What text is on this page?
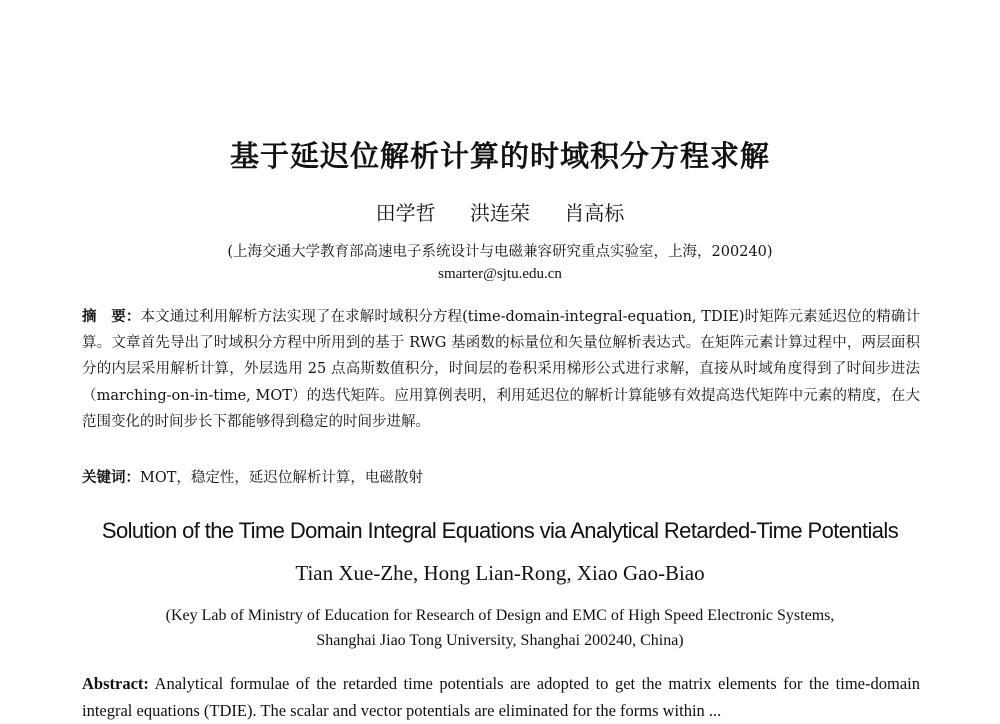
基于延迟位解析计算的时域积分方程求解
田学哲 洪连荣 肖高标
(上海交通大学教育部高速电子系统设计与电磁兼容研究重点实验室，上海，200240)
smarter@sjtu.edu.cn
摘　要：本文通过利用解析方法实现了在求解时域积分方程(time-domain-integral-equation, TDIE)时矩阵元素延迟位的精确计算。文章首先导出了时域积分方程中所用到的基于 RWG 基函数的标量位和矢量位解析表达式。在矩阵元素计算过程中，两层面积分的内层采用解析计算，外层选用 25 点高斯数值积分，时间层的卷积采用梯形公式进行求解，直接从时域角度得到了时间步进法（marching-on-in-time, MOT）的迭代矩阵。应用算例表明，利用延迟位的解析计算能够有效提高迭代矩阵中元素的精度，在大范围变化的时间步长下都能够得到稳定的时间步进解。
关键词：MOT，稳定性，延迟位解析计算，电磁散射
Solution of the Time Domain Integral Equations via Analytical Retarded-Time Potentials
Tian Xue-Zhe, Hong Lian-Rong, Xiao Gao-Biao
(Key Lab of Ministry of Education for Research of Design and EMC of High Speed Electronic Systems,
Shanghai Jiao Tong University, Shanghai 200240, China)
Abstract: Analytical formulae of the retarded time potentials are adopted to get the matrix elements for the time-domain integral equations (TDIE). The scalar and vector potentials are eliminated for the forms within ...
